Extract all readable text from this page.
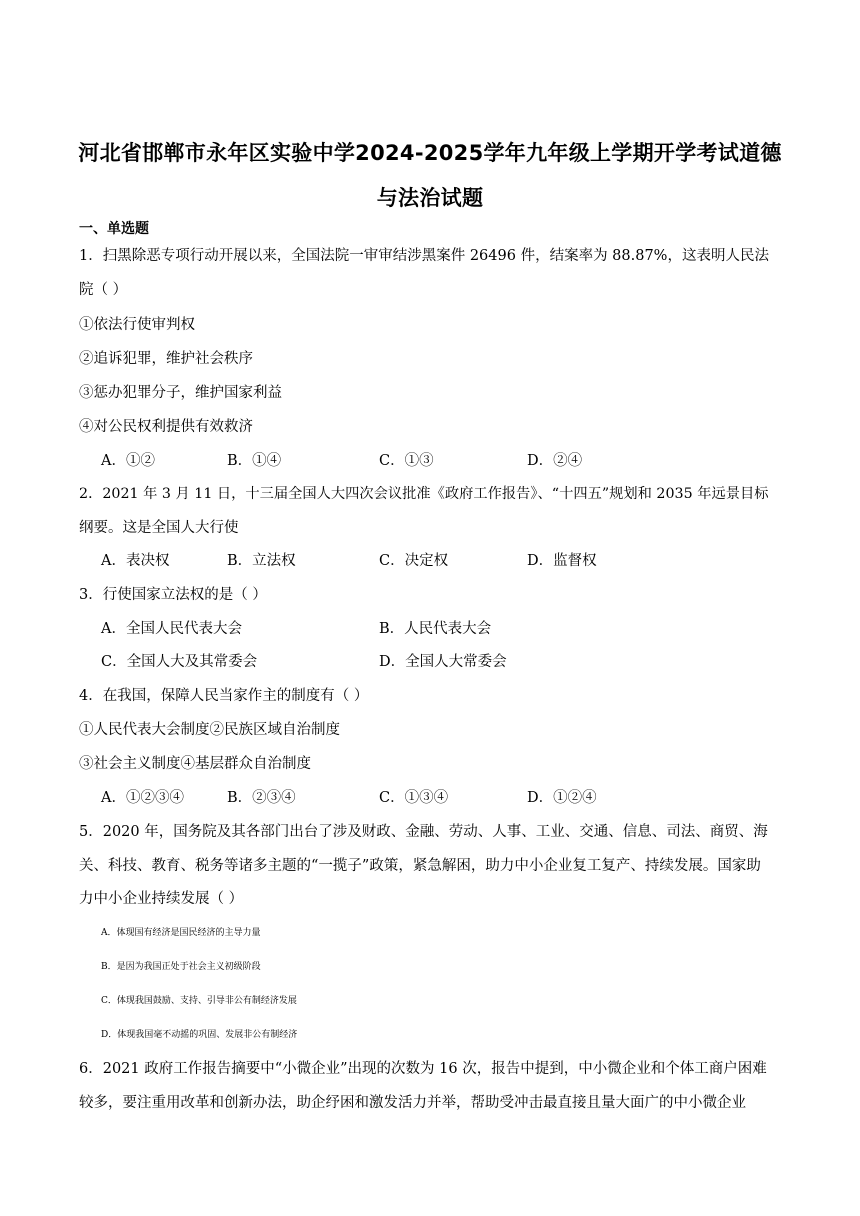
河北省邯郸市永年区实验中学2024-2025学年九年级上学期开学考试道德
与法治试题
一、单选题
1．扫黑除恶专项行动开展以来，全国法院一审审结涉黑案件 26496 件，结案率为 88.87%，这表明人民法
院（ ）
①依法行使审判权
②追诉犯罪，维护社会秩序
③惩办犯罪分子，维护国家利益
④对公民权利提供有效救济
A．①②	B．①④	C．①③	D．②④
2．2021 年 3 月 11 日，十三届全国人大四次会议批准《政府工作报告》、“十四五”规划和 2035 年远景目标
纲要。这是全国人大行使
A．表决权	B．立法权	C．决定权	D．监督权
3．行使国家立法权的是（ ）
A．全国人民代表大会	B．人民代表大会
C．全国人大及其常委会	D．全国人大常委会
4．在我国，保障人民当家作主的制度有（ ）
①人民代表大会制度②民族区域自治制度
③社会主义制度④基层群众自治制度
A．①②③④	B．②③④	C．①③④	D．①②④
5．2020 年，国务院及其各部门出台了涉及财政、金融、劳动、人事、工业、交通、信息、司法、商贸、海
关、科技、教育、税务等诸多主题的“一揽子”政策，紧急解困，助力中小企业复工复产、持续发展。国家助
力中小企业持续发展（ ）
A．体现国有经济是国民经济的主导力量
B．是因为我国正处于社会主义初级阶段
C．体现我国鼓励、支持、引导非公有制经济发展
D．体现我国毫不动摇的巩固、发展非公有制经济
6．2021 政府工作报告摘要中“小微企业”出现的次数为 16 次，报告中提到，中小微企业和个体工商户困难
较多，要注重用改革和创新办法，助企纾困和激发活力并举，帮助受冲击最直接且量大面广的中小微企业
